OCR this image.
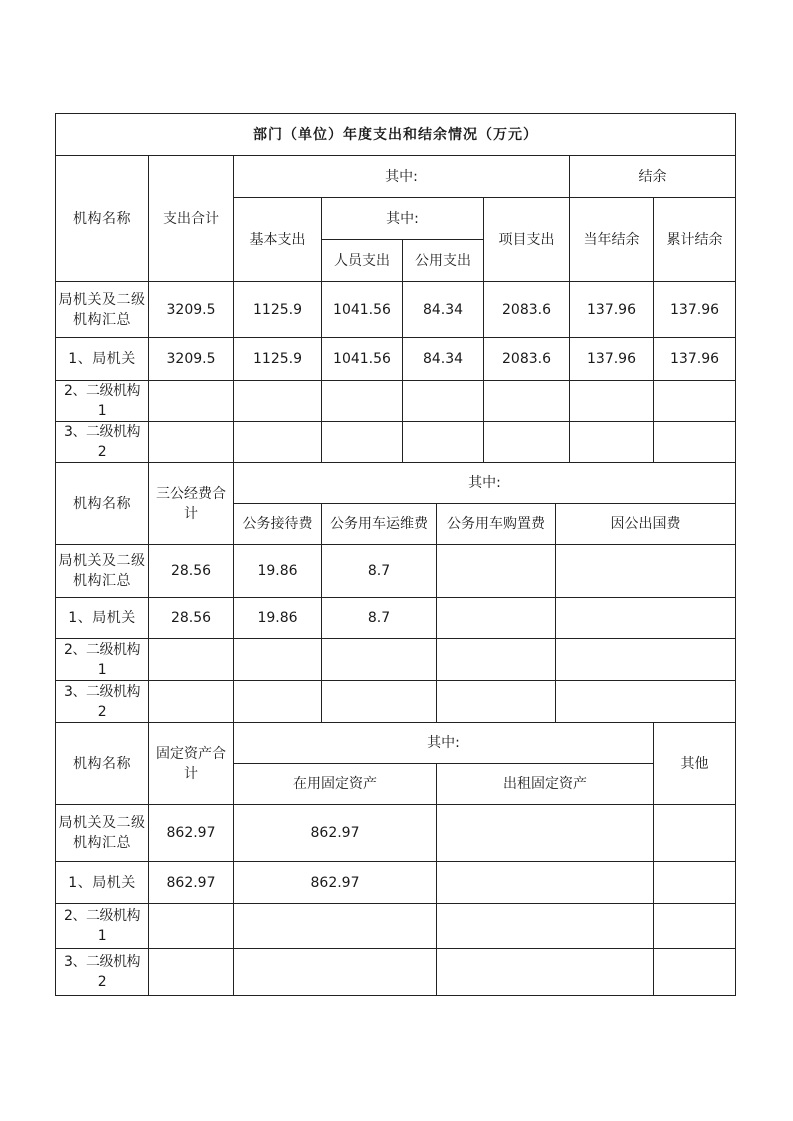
部门（单位）年度支出和结余情况（万元）									
机构名称	支出合计	其中:						结余	
		基本支出	其中:			项目支出		当年结余	累计结余
			人员支出	公用支出					
局机关及二级机构汇总	3209.5	1125.9	1041.56	84.34		2083.6		137.96	137.96
1、局机关	3209.5	1125.9	1041.56	84.34		2083.6		137.96	137.96
2、二级机构 1									
3、二级机构 2									
机构名称	三公经费合计	其中:							
		公务接待费	公务用车运维费		公务用车购置费		因公出国费		
局机关及二级机构汇总	28.56	19.86	8.7						
1、局机关	28.56	19.86	8.7						
2、二级机构 1									
3、二级机构 2									
机构名称	固定资产合计	其中:							其他
		在用固定资产			出租固定资产				
局机关及二级机构汇总	862.97	862.97							
1、局机关	862.97	862.97							
2、二级机构 1									
3、二级机构 2									
